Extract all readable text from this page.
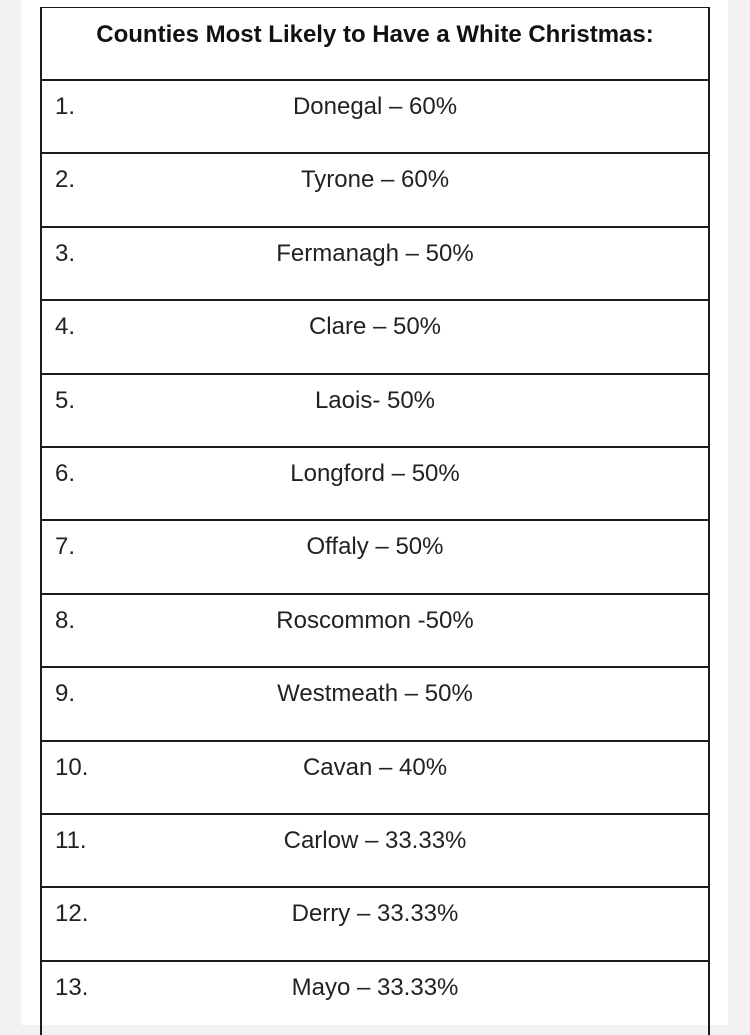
Counties Most Likely to Have a White Christmas:
1.	Donegal – 60%
2.	Tyrone – 60%
3.	Fermanagh – 50%
4.	Clare – 50%
5.	Laois- 50%
6.	Longford – 50%
7.	Offaly – 50%
8.	Roscommon -50%
9.	Westmeath – 50%
10.	Cavan – 40%
11.	Carlow – 33.33%
12.	Derry – 33.33%
13.	Mayo – 33.33%
